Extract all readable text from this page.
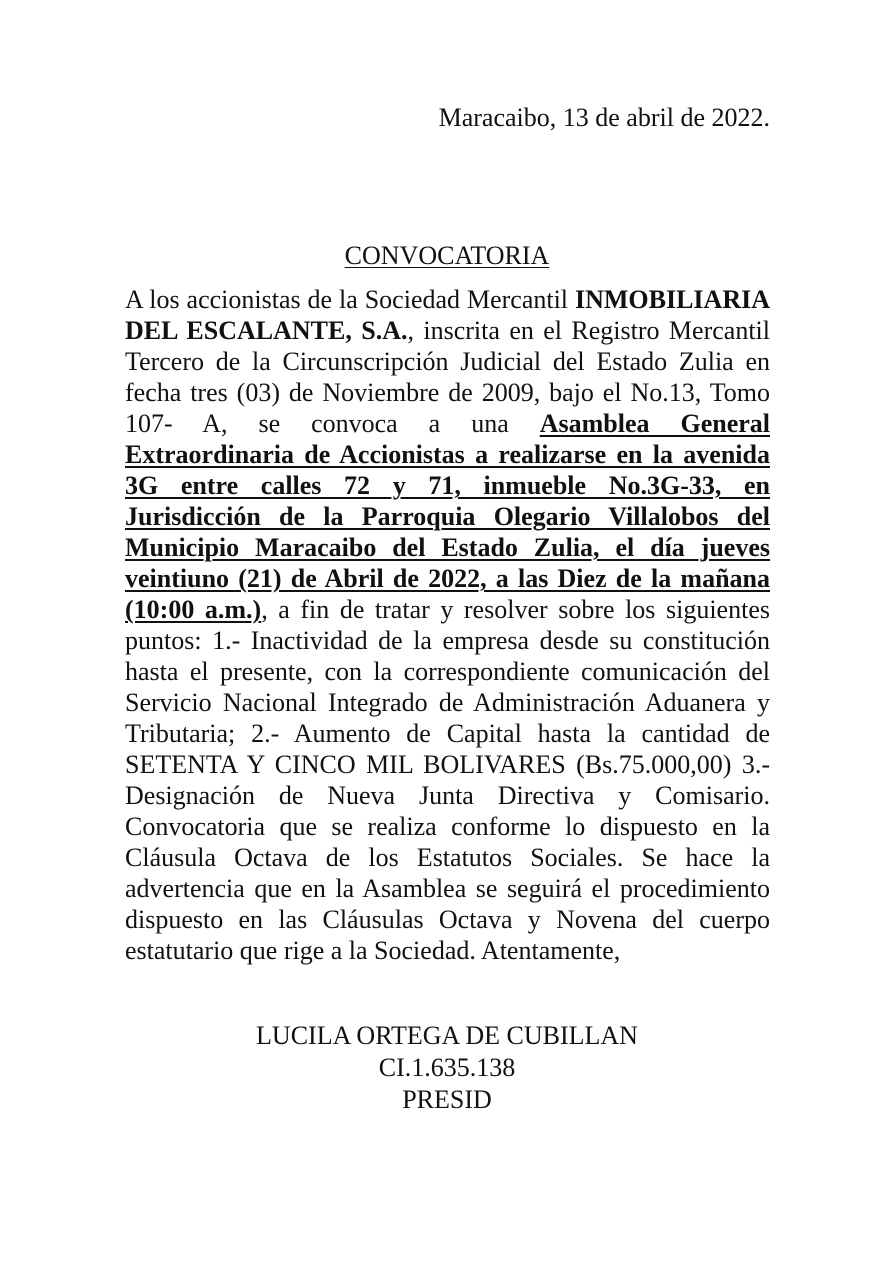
Maracaibo, 13 de abril de 2022.
CONVOCATORIA
A los accionistas de la Sociedad Mercantil INMOBILIARIA DEL ESCALANTE, S.A., inscrita en el Registro Mercantil Tercero de la Circunscripción Judicial del Estado Zulia en fecha tres (03) de Noviembre de 2009, bajo el No.13, Tomo 107- A, se convoca a una Asamblea General Extraordinaria de Accionistas a realizarse en la avenida 3G entre calles 72 y 71, inmueble No.3G-33, en Jurisdicción de la Parroquia Olegario Villalobos del Municipio Maracaibo del Estado Zulia, el día jueves veintiuno (21) de Abril de 2022, a las Diez de la mañana (10:00 a.m.), a fin de tratar y resolver sobre los siguientes puntos: 1.- Inactividad de la empresa desde su constitución hasta el presente, con la correspondiente comunicación del Servicio Nacional Integrado de Administración Aduanera y Tributaria; 2.- Aumento de Capital hasta la cantidad de SETENTA Y CINCO MIL BOLIVARES (Bs.75.000,00) 3.- Designación de Nueva Junta Directiva y Comisario. Convocatoria que se realiza conforme lo dispuesto en la Cláusula Octava de los Estatutos Sociales. Se hace la advertencia que en la Asamblea se seguirá el procedimiento dispuesto en las Cláusulas Octava y Novena del cuerpo estatutario que rige a la Sociedad. Atentamente,
LUCILA ORTEGA DE CUBILLAN
CI.1.635.138
PRESID
